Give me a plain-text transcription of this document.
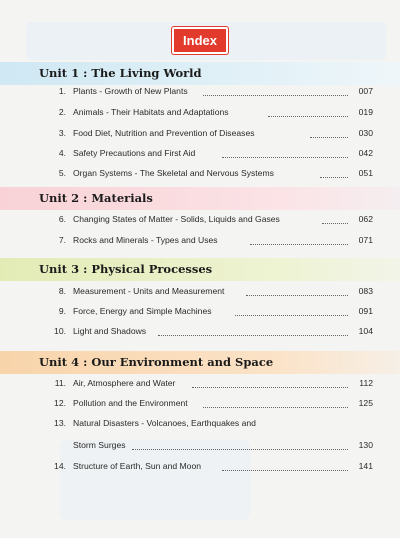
Index
Unit 1 : The Living World
1. Plants - Growth of New Plants	007
2. Animals - Their Habitats and Adaptations	019
3. Food Diet, Nutrition and Prevention of Diseases	030
4. Safety Precautions and First Aid	042
5. Organ Systems - The Skeletal and Nervous Systems	051
Unit 2 : Materials
6. Changing States of Matter - Solids, Liquids and Gases	062
7. Rocks and Minerals - Types and Uses	071
Unit 3 : Physical Processes
8. Measurement - Units and Measurement	083
9. Force, Energy and Simple Machines	091
10. Light and Shadows	104
Unit 4 : Our Environment and Space
11. Air, Atmosphere and Water	112
12. Pollution and the Environment	125
13. Natural Disasters - Volcanoes, Earthquakes and
Storm Surges	130
14. Structure of Earth, Sun and Moon	141
